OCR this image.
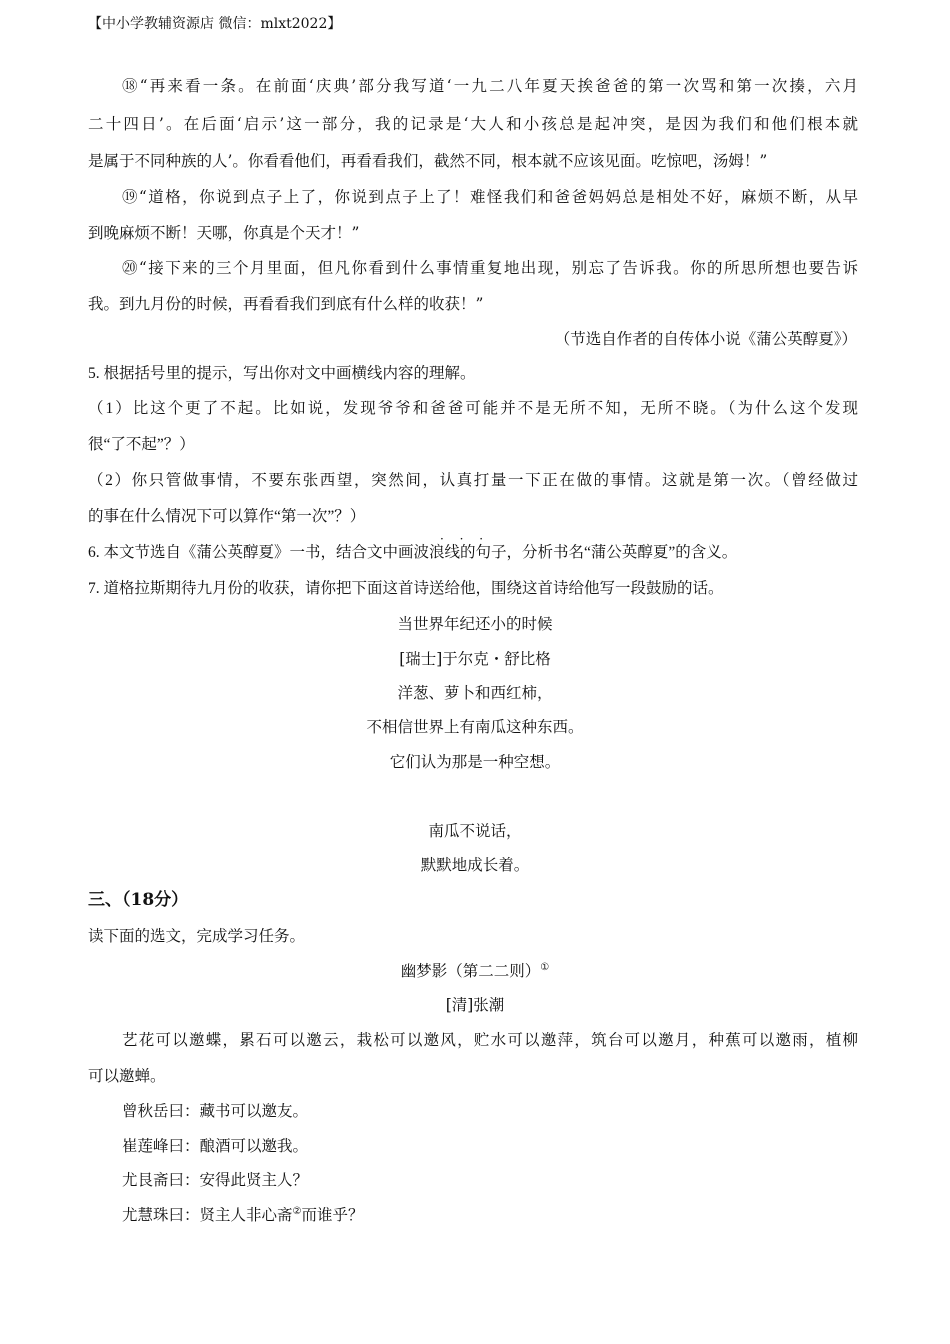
【中小学教辅资源店 微信：mlxt2022】
⑱“再来看一条。在前面‘庆典’部分我写道‘一九二八年夏天挨爸爸的第一次骂和第一次揍，六月
二十四日’。在后面‘启示’这一部分，我的记录是‘大人和小孩总是起冲突，是因为我们和他们根本就
是属于不同种族的人’。你看看他们，再看看我们，截然不同，根本就不应该见面。吃惊吧，汤姆！”
⑲“道格，你说到点子上了，你说到点子上了！难怪我们和爸爸妈妈总是相处不好，麻烦不断，从早
到晚麻烦不断！天哪，你真是个天才！”
⑳“接下来的三个月里面，但凡你看到什么事情重复地出现，别忘了告诉我。你的所思所想也要告诉
我。到九月份的时候，再看看我们到底有什么样的收获！”
（节选自作者的自传体小说《蒲公英醇夏》）
5. 根据括号里的提示，写出你对文中画横线内容的理解。
（1）比这个更了不起。比如说，发现爷爷和爸爸可能并不是无所不知，无所不晓。（为什么这个发现
很“了不起”？）
（2）你只管做事情，不要东张西望，突然间，认真打量一下正在做的事情。这就是第一次。（曾经做过
的事在什么情况下可以算作“第一次”？）
· · ·
6. 本文节选自《蒲公英醇夏》一书，结合文中画波浪线的句子，分析书名“蒲公英醇夏”的含义。
7. 道格拉斯期待九月份的收获，请你把下面这首诗送给他，围绕这首诗给他写一段鼓励的话。
当世界年纪还小的时候
[瑞士]于尔克・舒比格
洋葱、萝卜和西红柿，
不相信世界上有南瓜这种东西。
它们认为那是一种空想。
南瓜不说话，
默默地成长着。
三、（18分）
读下面的选文，完成学习任务。
幽梦影（第二二则）①
[清]张潮
艺花可以邀蝶，累石可以邀云，栽松可以邀风，贮水可以邀萍，筑台可以邀月，种蕉可以邀雨，植柳
可以邀蝉。
曾秋岳曰：藏书可以邀友。
崔莲峰曰：酿酒可以邀我。
尤艮斋曰：安得此贤主人？
尤慧珠曰：贤主人非心斋②而谁乎？
